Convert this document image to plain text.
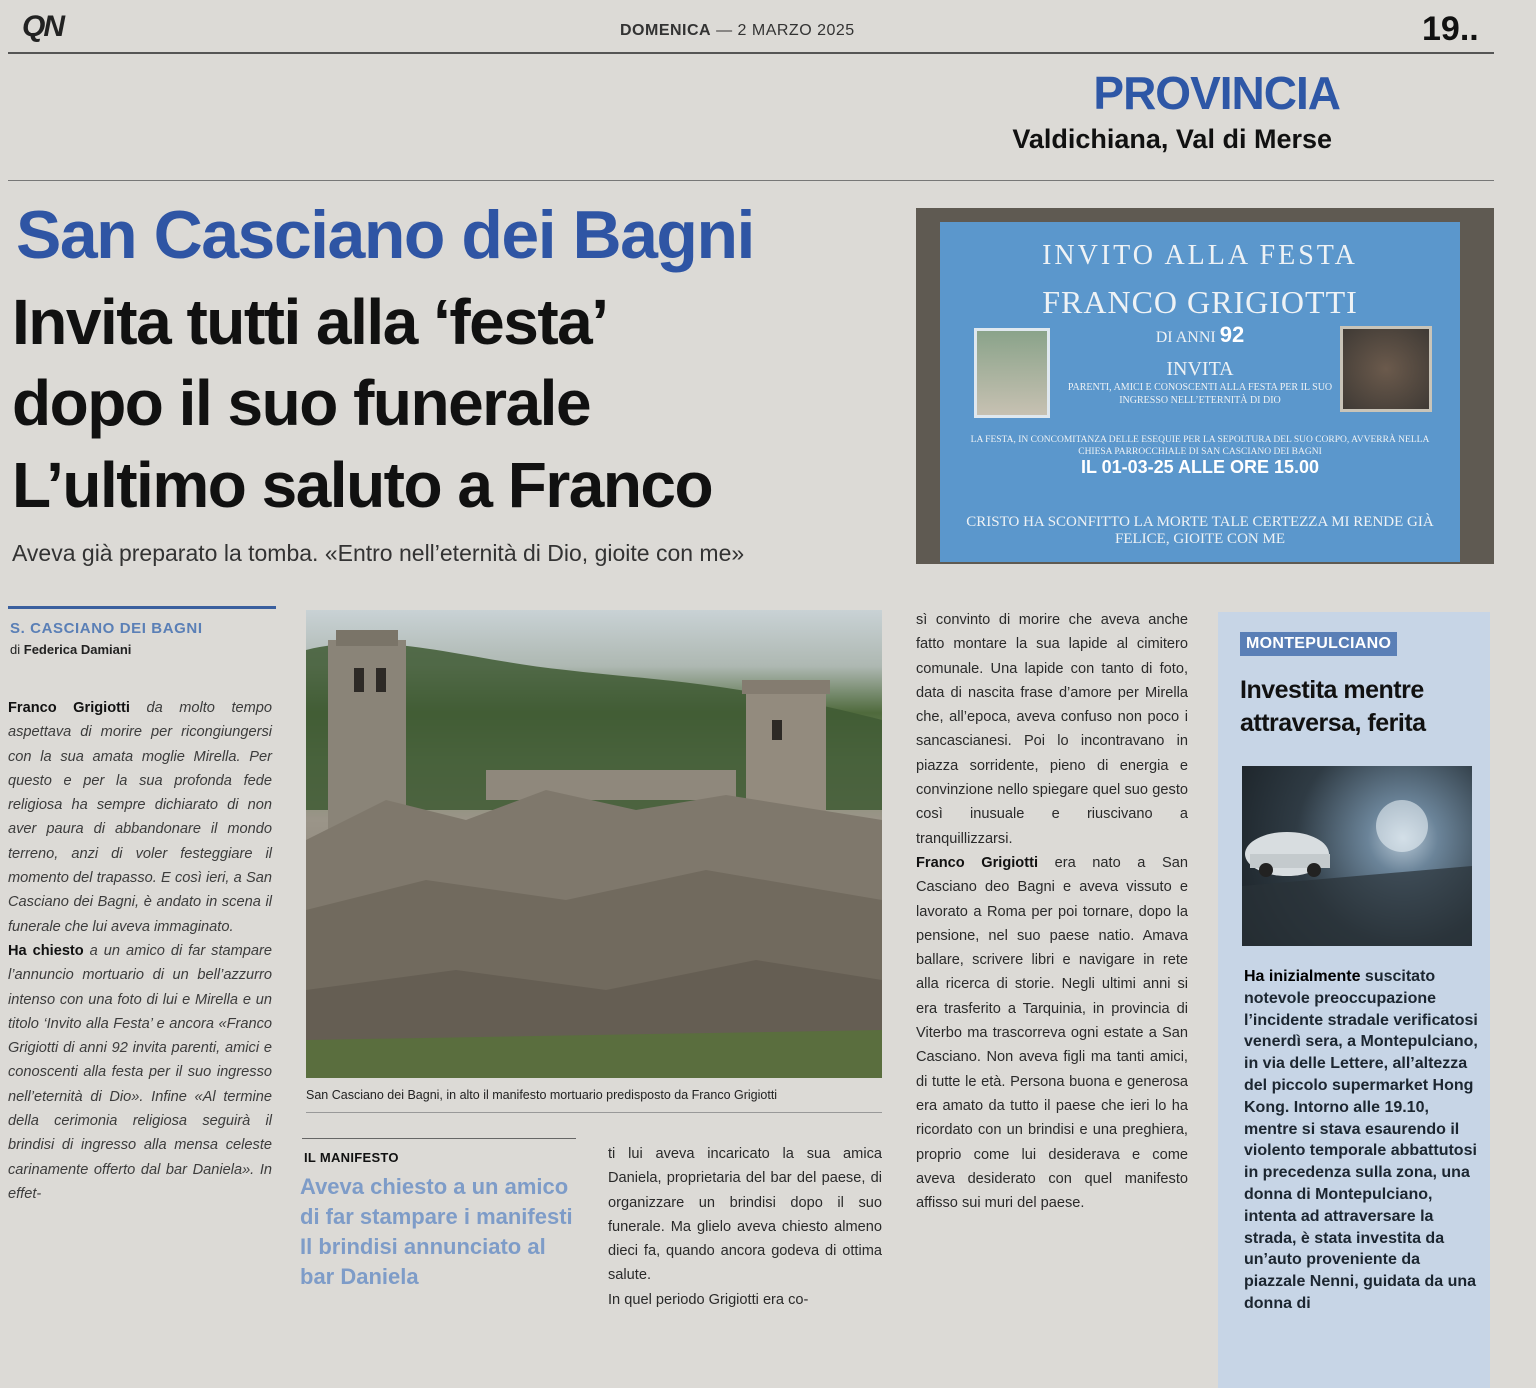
QN	DOMENICA — 2 MARZO 2025	19..
PROVINCIA
Valdichiana, Val di Merse
San Casciano dei Bagni
Invita tutti alla ‘festa’
dopo il suo funerale
L’ultimo saluto a Franco
Aveva già preparato la tomba. «Entro nell’eternità di Dio, gioite con me»
INVITO ALLA FESTA
FRANCO GRIGIOTTI
DI ANNI 92
INVITA
PARENTI, AMICI E CONOSCENTI ALLA FESTA PER IL SUO INGRESSO NELL’ETERNITÀ DI DIO
LA FESTA, IN CONCOMITANZA DELLE ESEQUIE PER LA SEPOLTURA DEL SUO CORPO, AVVERRÀ NELLA CHIESA PARROCCHIALE DI SAN CASCIANO DEI BAGNI
IL 01-03-25 ALLE ORE 15.00
CRISTO HA SCONFITTO LA MORTE TALE CERTEZZA MI RENDE GIÀ FELICE, GIOITE CON ME
S. CASCIANO DEI BAGNI
di Federica Damiani

Franco Grigiotti da molto tempo aspettava di morire per ricongiungersi con la sua amata moglie Mirella. Per questo e per la sua profonda fede religiosa ha sempre dichiarato di non aver paura di abbandonare il mondo terreno, anzi di voler festeggiare il momento del trapasso. E così ieri, a San Casciano dei Bagni, è andato in scena il funerale che lui aveva immaginato.

Ha chiesto a un amico di far stampare l’annuncio mortuario di un bell’azzurro intenso con una foto di lui e Mirella e un titolo ‘Invito alla Festa’ e ancora «Franco Grigiotti di anni 92 invita parenti, amici e conoscenti alla festa per il suo ingresso nell’eternità di Dio». Infine «Al termine della cerimonia religiosa seguirà il brindisi di ingresso alla mensa celeste carinamente offerto dal bar Daniela». In effet-

San Casciano dei Bagni, in alto il manifesto mortuario predisposto da Franco Grigiotti
IL MANIFESTO
Aveva chiesto a un amico di far stampare i manifesti Il brindisi annunciato al bar Daniela

ti lui aveva incaricato la sua amica Daniela, proprietaria del bar del paese, di organizzare un brindisi dopo il suo funerale. Ma glielo aveva chiesto almeno dieci fa, quando ancora godeva di ottima salute.

In quel periodo Grigiotti era co-

sì convinto di morire che aveva anche fatto montare la sua lapide al cimitero comunale. Una lapide con tanto di foto, data di nascita frase d’amore per Mirella che, all’epoca, aveva confuso non poco i sancascianesi. Poi lo incontravano in piazza sorridente, pieno di energia e convinzione nello spiegare quel suo gesto così inusuale e riuscivano a tranquillizzarsi.

Franco Grigiotti era nato a San Casciano deo Bagni e aveva vissuto e lavorato a Roma per poi tornare, dopo la pensione, nel suo paese natio. Amava ballare, scrivere libri e navigare in rete alla ricerca di storie. Negli ultimi anni si era trasferito a Tarquinia, in provincia di Viterbo ma trascorreva ogni estate a San Casciano. Non aveva figli ma tanti amici, di tutte le età. Persona buona e generosa era amato da tutto il paese che ieri lo ha ricordato con un brindisi e una preghiera, proprio come lui desiderava e come aveva desiderato con quel manifesto affisso sui muri del paese.

MONTEPULCIANO
Investita mentre attraversa, ferita
Ha inizialmente suscitato notevole preoccupazione l’incidente stradale verificatosi venerdì sera, a Montepulciano, in via delle Lettere, all’altezza del piccolo supermarket Hong Kong. Intorno alle 19.10, mentre si stava esaurendo il violento temporale abbattutosi in precedenza sulla zona, una donna di Montepulciano, intenta ad attraversare la strada, è stata investita da un’auto proveniente da piazzale Nenni, guidata da una donna di
